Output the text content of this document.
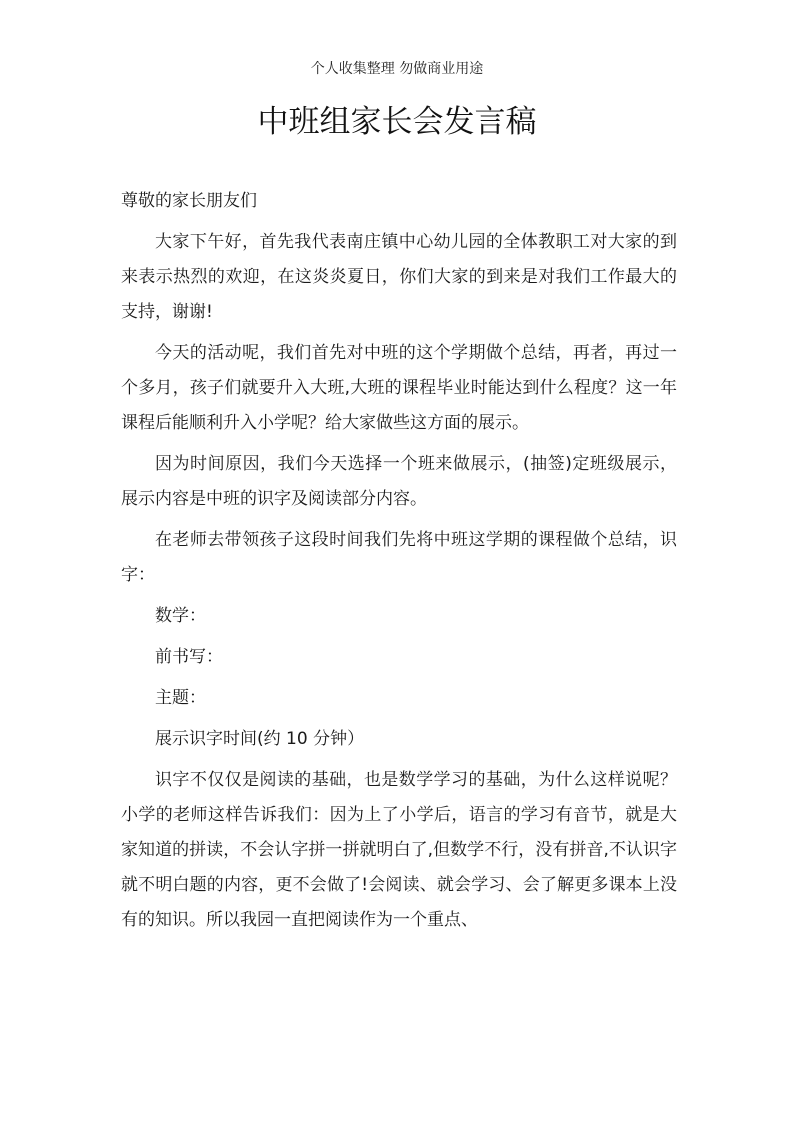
个人收集整理 勿做商业用途
中班组家长会发言稿

尊敬的家长朋友们

大家下午好，首先我代表南庄镇中心幼儿园的全体教职工对大家的到来表示热烈的欢迎，在这炎炎夏日，你们大家的到来是对我们工作最大的支持，谢谢!

今天的活动呢，我们首先对中班的这个学期做个总结，再者，再过一个多月，孩子们就要升入大班,大班的课程毕业时能达到什么程度？这一年课程后能顺利升入小学呢？给大家做些这方面的展示。

因为时间原因，我们今天选择一个班来做展示，(抽签)定班级展示，展示内容是中班的识字及阅读部分内容。

在老师去带领孩子这段时间我们先将中班这学期的课程做个总结，识字：

数学：

前书写：

主题：

展示识字时间(约 10 分钟）

识字不仅仅是阅读的基础，也是数学学习的基础，为什么这样说呢？小学的老师这样告诉我们：因为上了小学后，语言的学习有音节，就是大家知道的拼读，不会认字拼一拼就明白了,但数学不行，没有拼音,不认识字就不明白题的内容，更不会做了!会阅读、就会学习、会了解更多课本上没有的知识。所以我园一直把阅读作为一个重点、
